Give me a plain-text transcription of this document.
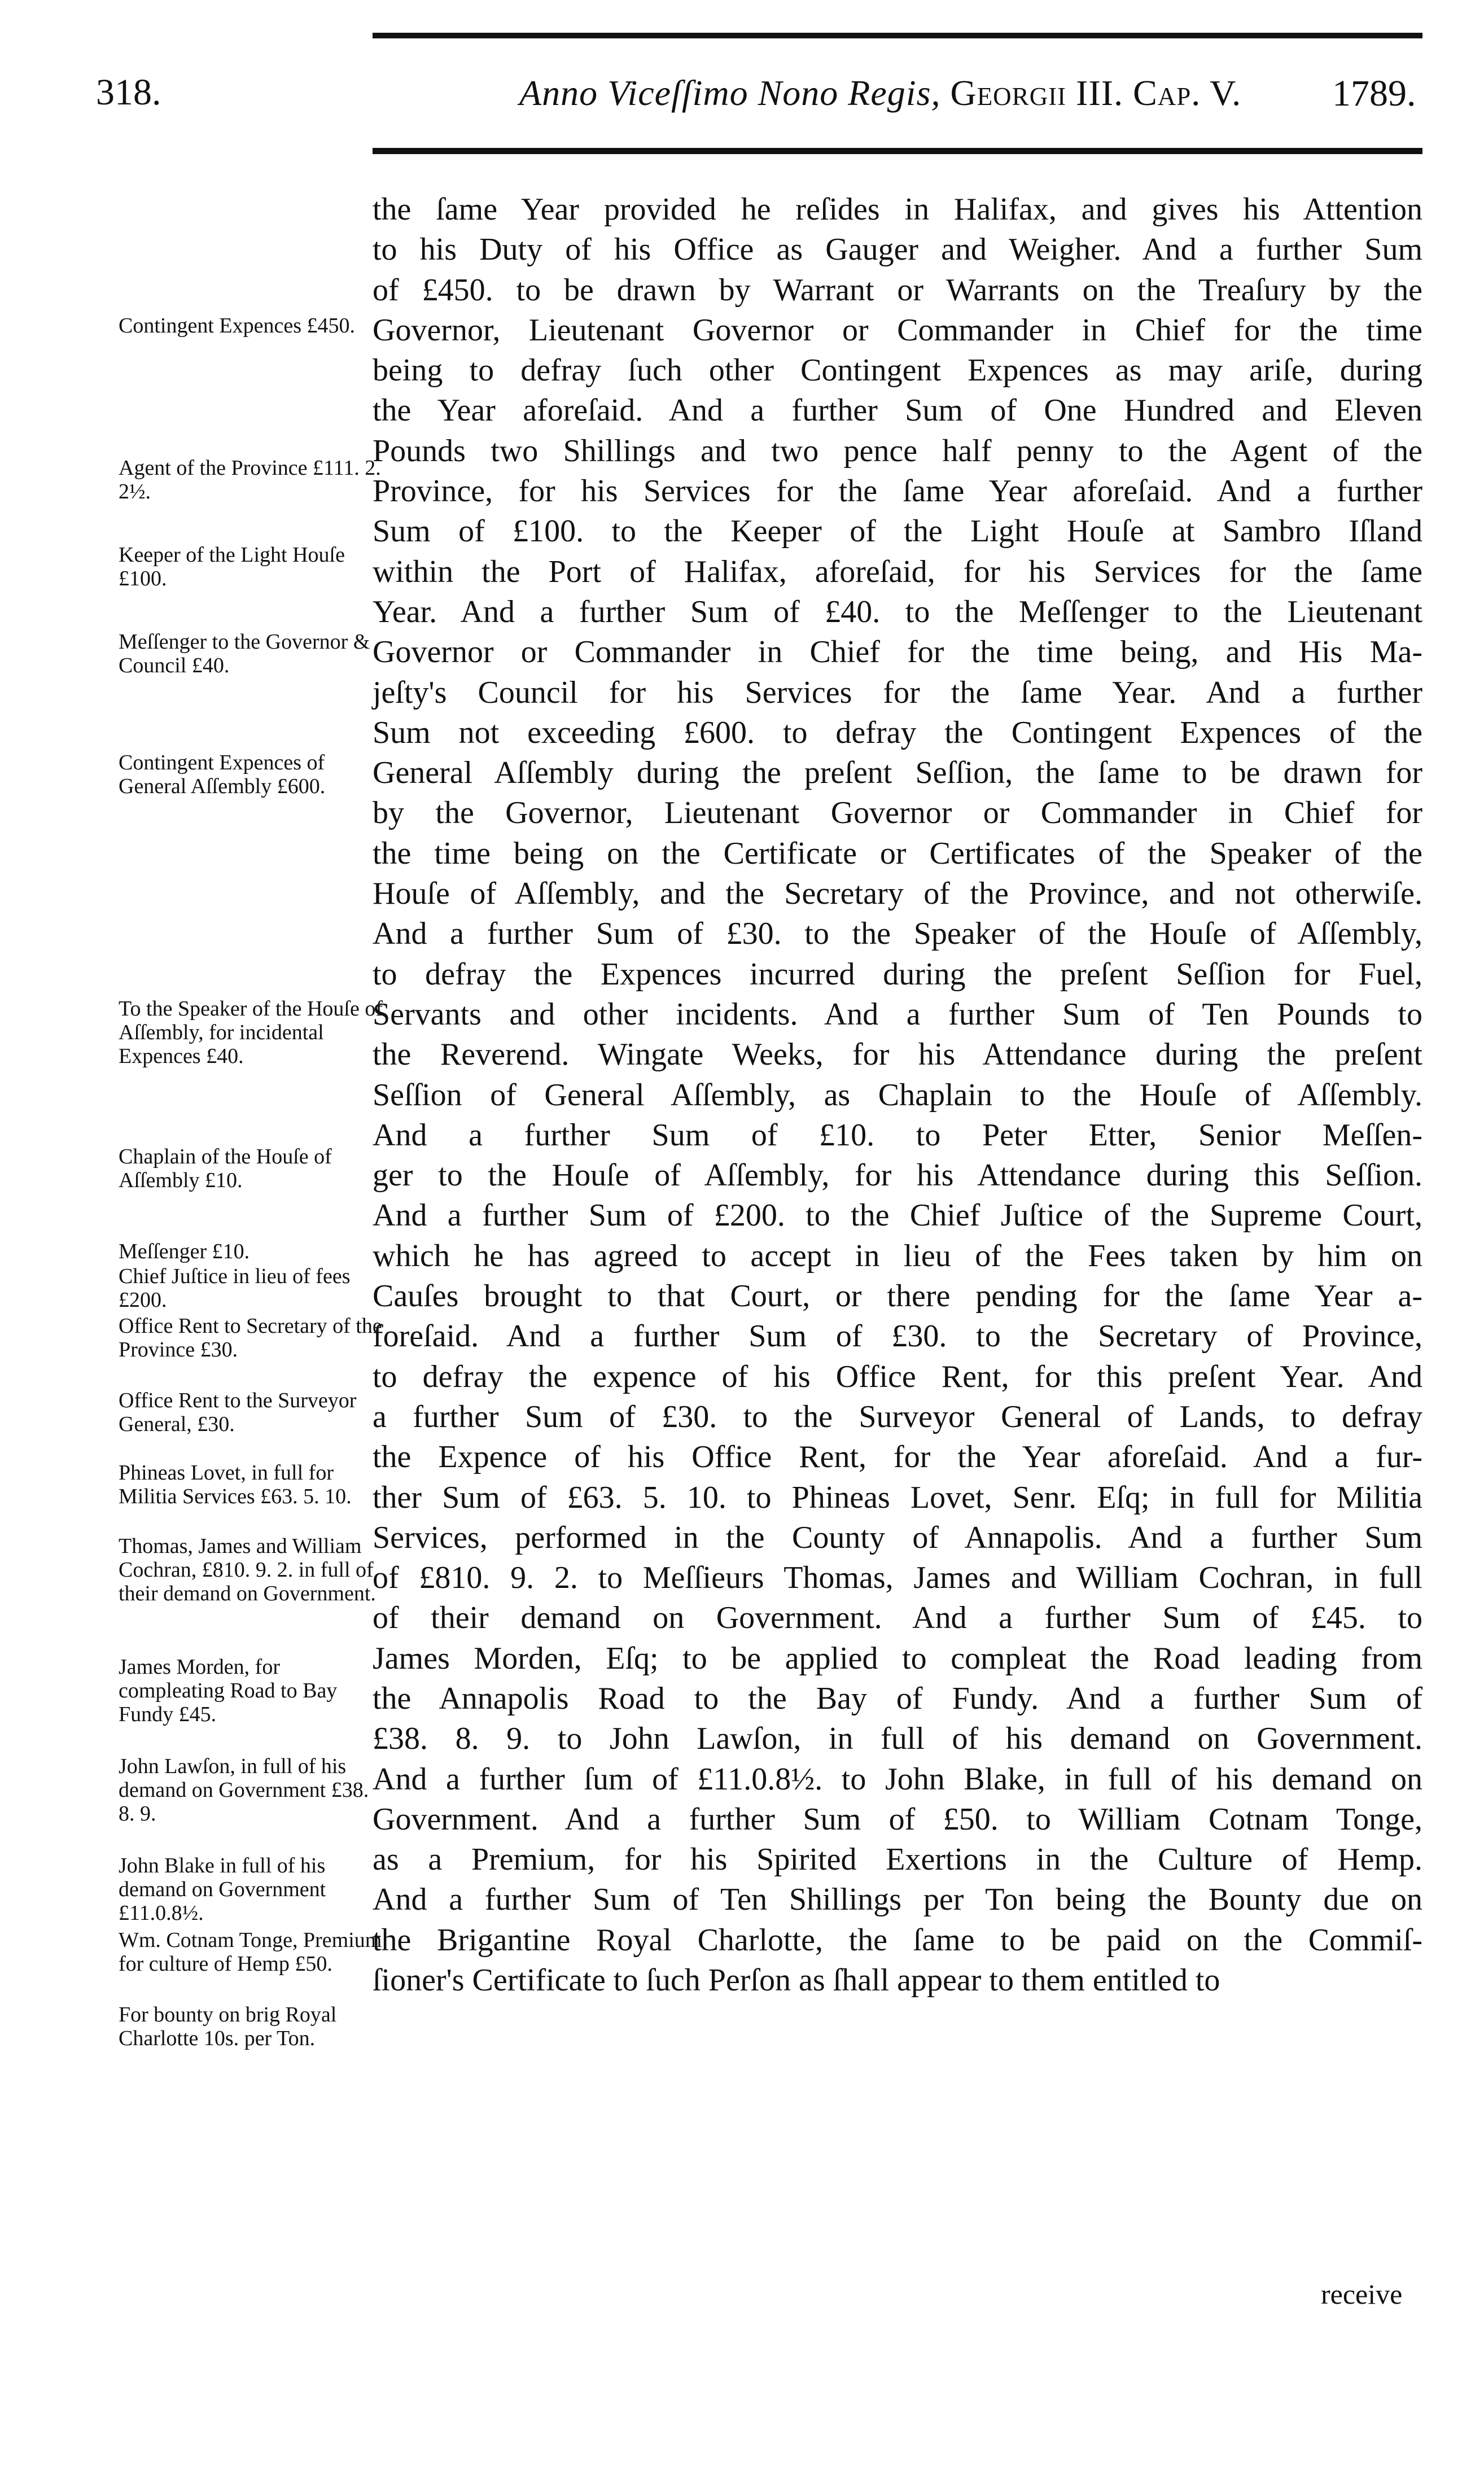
318.	Anno Viceſſimo Nono Regis, Georgii III. Cap. V. 1789.
Contingent Expences £450.
Agent of the Province £111. 2. 2½.
Keeper of the Light Houſe £100.
Meſſenger to the Governor & Council £40.
Contingent Expences of General Aſſembly £600.
To the Speaker of the Houſe of Aſſembly, for incidental Expences £40.
Chaplain of the Houſe of Aſſembly £10.
Meſſenger £10.
Chief Juſtice in lieu of fees £200.
Office Rent to Secretary of the Province £30.
Office Rent to the Surveyor General, £30.
Phineas Lovet, in full for Militia Services £63. 5. 10.
Thomas, James and William Cochran, £810. 9. 2. in full of their demand on Government.
James Morden, for compleating Road to Bay Fundy £45.
John Lawſon, in full of his demand on Government £38. 8. 9.
John Blake in full of his demand on Government £11.0.8½.
Wm. Cotnam Tonge, Premium for culture of Hemp £50.
For bounty on brig Royal Charlotte 10s. per Ton.
the ſame Year provided he reſides in Halifax, and gives his Attention
to his Duty of his Office as Gauger and Weigher. And a further Sum
of £450. to be drawn by Warrant or Warrants on the Treaſury by the
Governor, Lieutenant Governor or Commander in Chief for the time
being to defray ſuch other Contingent Expences as may ariſe, during
the Year aforeſaid. And a further Sum of One Hundred and Eleven
Pounds two Shillings and two pence half penny to the Agent of the
Province, for his Services for the ſame Year aforeſaid. And a further
Sum of £100. to the Keeper of the Light Houſe at Sambro Iſland
within the Port of Halifax, aforeſaid, for his Services for the ſame
Year. And a further Sum of £40. to the Meſſenger to the Lieutenant
Governor or Commander in Chief for the time being, and His Ma-
jeſty's Council for his Services for the ſame Year. And a further
Sum not exceeding £600. to defray the Contingent Expences of the
General Aſſembly during the preſent Seſſion, the ſame to be drawn for
by the Governor, Lieutenant Governor or Commander in Chief for
the time being on the Certificate or Certificates of the Speaker of the
Houſe of Aſſembly, and the Secretary of the Province, and not otherwiſe.
And a further Sum of £30. to the Speaker of the Houſe of Aſſembly,
to defray the Expences incurred during the preſent Seſſion for Fuel,
Servants and other incidents. And a further Sum of Ten Pounds to
the Reverend. Wingate Weeks, for his Attendance during the preſent
Seſſion of General Aſſembly, as Chaplain to the Houſe of Aſſembly.
And a further Sum of £10. to Peter Etter, Senior Meſſen-
ger to the Houſe of Aſſembly, for his Attendance during this Seſſion.
And a further Sum of £200. to the Chief Juſtice of the Supreme Court,
which he has agreed to accept in lieu of the Fees taken by him on
Cauſes brought to that Court, or there pending for the ſame Year a-
foreſaid. And a further Sum of £30. to the Secretary of Province,
to defray the expence of his Office Rent, for this preſent Year. And
a further Sum of £30. to the Surveyor General of Lands, to defray
the Expence of his Office Rent, for the Year aforeſaid. And a fur-
ther Sum of £63. 5. 10. to Phineas Lovet, Senr. Eſq; in full for Militia
Services, performed in the County of Annapolis. And a further Sum
of £810. 9. 2. to Meſſieurs Thomas, James and William Cochran, in full
of their demand on Government. And a further Sum of £45. to
James Morden, Eſq; to be applied to compleat the Road leading from
the Annapolis Road to the Bay of Fundy. And a further Sum of
£38. 8. 9. to John Lawſon, in full of his demand on Government.
And a further ſum of £11.0.8½. to John Blake, in full of his demand on
Government. And a further Sum of £50. to William Cotnam Tonge,
as a Premium, for his Spirited Exertions in the Culture of Hemp.
And a further Sum of Ten Shillings per Ton being the Bounty due on
the Brigantine Royal Charlotte, the ſame to be paid on the Commiſ-
ſioner's Certificate to ſuch Perſon as ſhall appear to them entitled to
receive
